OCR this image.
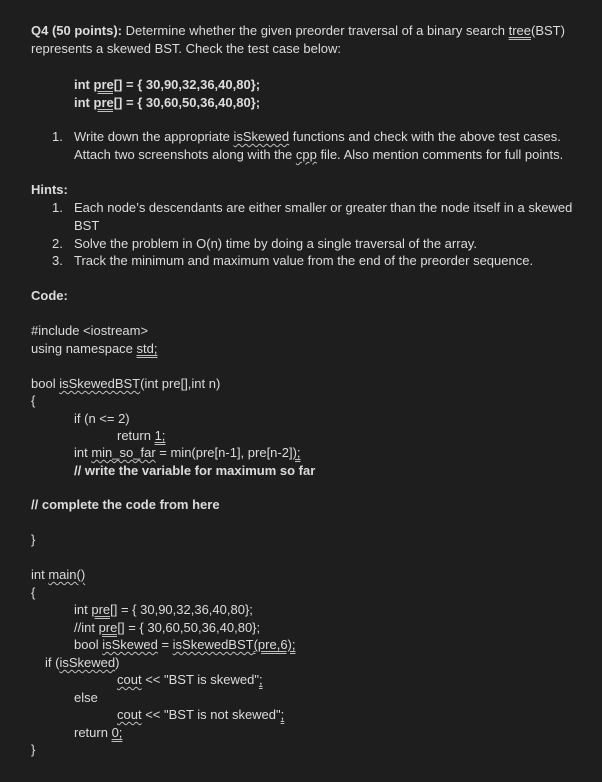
Q4 (50 points): Determine whether the given preorder traversal of a binary search tree(BST)
represents a skewed BST. Check the test case below:
int pre[] = { 30,90,32,36,40,80};
int pre[] = { 30,60,50,36,40,80};
1. Write down the appropriate isSkewed functions and check with the above test cases.
Attach two screenshots along with the cpp file. Also mention comments for full points.
Hints:
1. Each node’s descendants are either smaller or greater than the node itself in a skewed
BST
2. Solve the problem in O(n) time by doing a single traversal of the array.
3. Track the minimum and maximum value from the end of the preorder sequence.
Code:
#include <iostream>
using namespace std;
bool isSkewedBST(int pre[],int n)
{
if (n <= 2)
return 1;
int min_so_far = min(pre[n-1], pre[n-2]);
// write the variable for maximum so far
// complete the code from here
}
int main()
{
int pre[] = { 30,90,32,36,40,80};
//int pre[] = { 30,60,50,36,40,80};
bool isSkewed = isSkewedBST(pre,6);
if (isSkewed)
cout << "BST is skewed";
else
cout << "BST is not skewed";
return 0;
}
